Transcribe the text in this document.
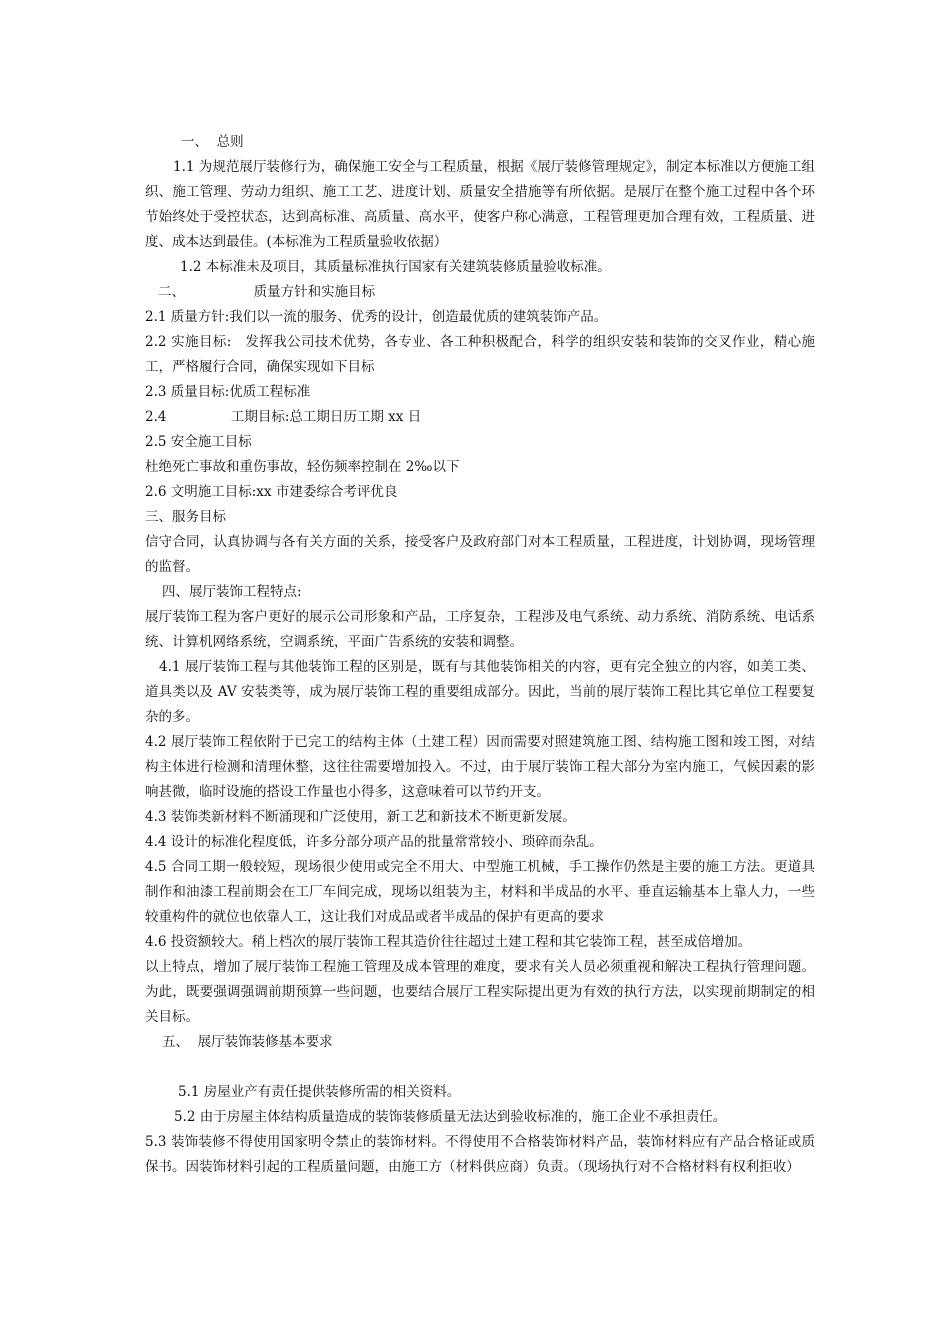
一、  总则

1.1 为规范展厅装修行为，确保施工安全与工程质量，根据《展厅装修管理规定》，制定本标准以方便施工组织、施工管理、劳动力组织、施工工艺、进度计划、质量安全措施等有所依据。是展厅在整个施工过程中各个环节始终处于受控状态，达到高标准、高质量、高水平，使客户称心满意，工程管理更加合理有效，工程质量、进度、成本达到最佳。(本标准为工程质量验收依据）

1.2 本标准未及项目，其质量标准执行国家有关建筑装修质量验收标准。

二、                质量方针和实施目标

2.1 质量方针:我们以一流的服务、优秀的设计，创造最优质的建筑装饰产品。

2.2 实施目标:   发挥我公司技术优势，各专业、各工种积极配合，科学的组织安装和装饰的交叉作业，精心施工，严格履行合同，确保实现如下目标

2.3 质量目标:优质工程标准

2.4               工期目标:总工期日历工期 xx 日

2.5 安全施工目标

杜绝死亡事故和重伤事故，轻伤频率控制在 2‰以下

2.6 文明施工目标:xx 市建委综合考评优良

三、服务目标

信守合同，认真协调与各有关方面的关系，接受客户及政府部门对本工程质量，工程进度，计划协调，现场管理的监督。

四、展厅装饰工程特点:

展厅装饰工程为客户更好的展示公司形象和产品，工序复杂，工程涉及电气系统、动力系统、消防系统、电话系统、计算机网络系统，空调系统，平面广告系统的安装和调整。

4.1 展厅装饰工程与其他装饰工程的区别是，既有与其他装饰相关的内容，更有完全独立的内容，如美工类、道具类以及 AV 安装类等，成为展厅装饰工程的重要组成部分。因此，当前的展厅装饰工程比其它单位工程要复杂的多。

4.2 展厅装饰工程依附于已完工的结构主体（土建工程）因而需要对照建筑施工图、结构施工图和竣工图，对结构主体进行检测和清理休整，这往往需要增加投入。不过，由于展厅装饰工程大部分为室内施工，气候因素的影响甚微，临时设施的搭设工作量也小得多，这意味着可以节约开支。

4.3 装饰类新材料不断涌现和广泛使用，新工艺和新技术不断更新发展。

4.4 设计的标准化程度低，许多分部分项产品的批量常常较小、琐碎而杂乱。

4.5 合同工期一般较短，现场很少使用或完全不用大、中型施工机械，手工操作仍然是主要的施工方法。更道具制作和油漆工程前期会在工厂车间完成，现场以组装为主，材料和半成品的水平、垂直运输基本上靠人力，一些较重构件的就位也依靠人工，这让我们对成品或者半成品的保护有更高的要求

4.6 投资额较大。稍上档次的展厅装饰工程其造价往往超过土建工程和其它装饰工程，甚至成倍增加。

以上特点，增加了展厅装饰工程施工管理及成本管理的难度，要求有关人员必须重视和解决工程执行管理问题。为此，既要强调强调前期预算一些问题，也要结合展厅工程实际提出更为有效的执行方法，以实现前期制定的相关目标。

五、  展厅装饰装修基本要求

5.1 房屋业产有责任提供装修所需的相关资料。

5.2 由于房屋主体结构质量造成的装饰装修质量无法达到验收标准的，施工企业不承担责任。

5.3 装饰装修不得使用国家明令禁止的装饰材料。不得使用不合格装饰材料产品，装饰材料应有产品合格证或质保书。因装饰材料引起的工程质量问题，由施工方（材料供应商）负责。（现场执行对不合格材料有权利拒收）
